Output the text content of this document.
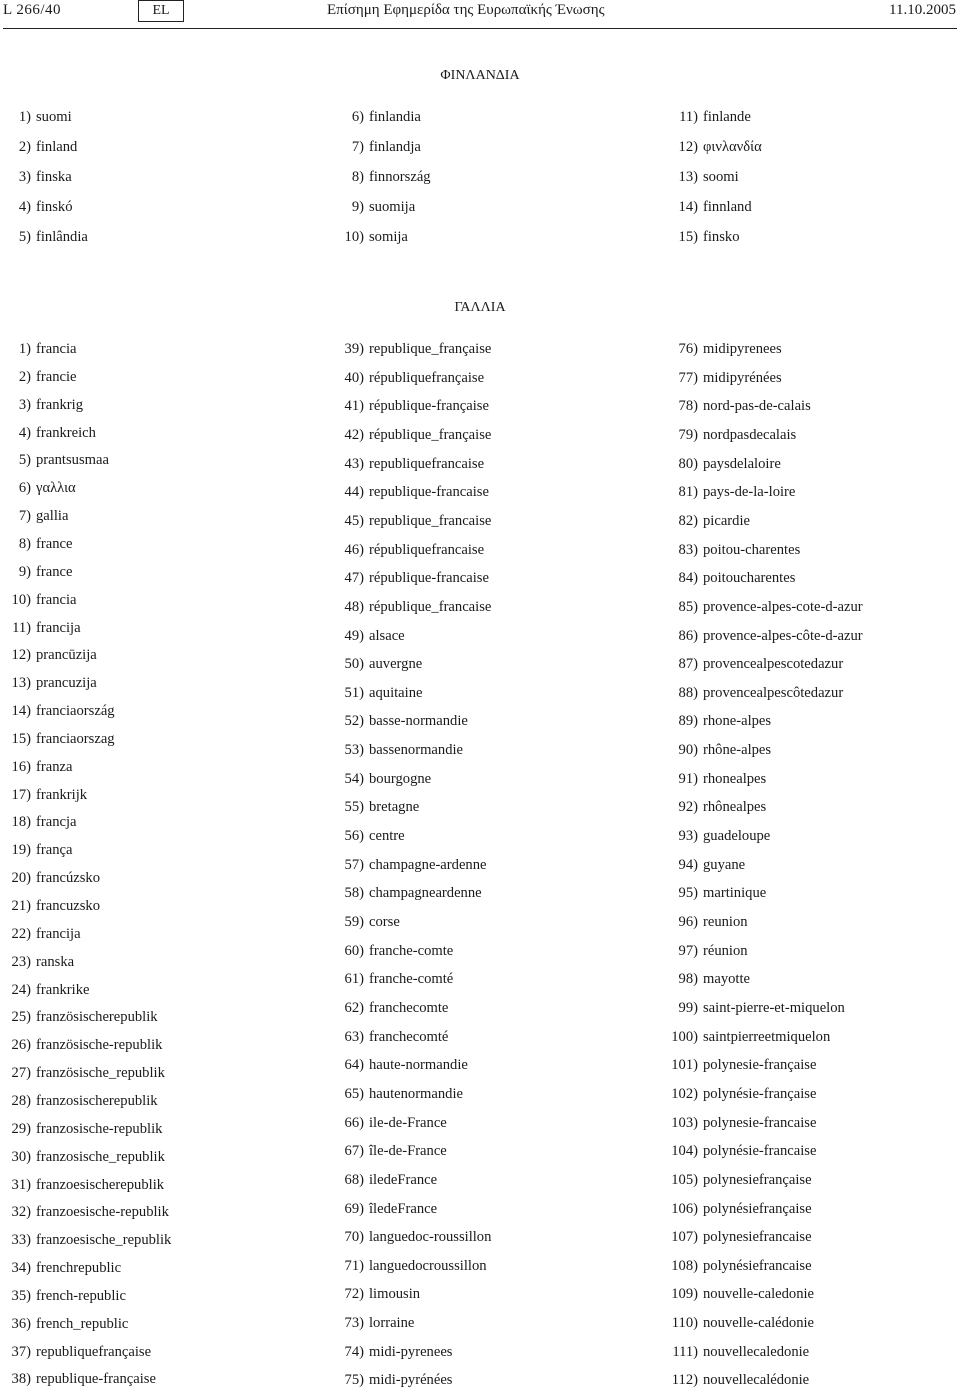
L 266/40	EL	Επίσημη Εφημερίδα της Ευρωπαϊκής Ένωσης	11.10.2005
ΦΙΝΛΑΝΔΙΑ
ΓΑΛΛΙΑ
1) suomi
2) finland
3) finska
4) finskó
5) finlândia
6) finlandia
7) finlandja
8) finnország
9) suomija
10) somija
11) finlande
12) φινλανδία
13) soomi
14) finnland
15) finsko
1) francia
2) francie
3) frankrig
4) frankreich
5) prantsusmaa
6) γαλλια
7) gallia
8) france
9) france
10) francia
11) francija
12) prancūzija
13) prancuzija
14) franciaország
15) franciaorszag
16) franza
17) frankrijk
18) francja
19) frança
20) francúzsko
21) francuzsko
22) francija
23) ranska
24) frankrike
25) französischerepublik
26) französische-republik
27) französische_republik
28) franzosischerepublik
29) franzosische-republik
30) franzosische_republik
31) franzoesischerepublik
32) franzoesische-republik
33) franzoesische_republik
34) frenchrepublic
35) french-republic
36) french_republic
37) republiquefrançaise
38) republique-française
39) republique_française
40) républiquefrançaise
41) république-française
42) république_française
43) republiquefrancaise
44) republique-francaise
45) republique_francaise
46) républiquefrancaise
47) république-francaise
48) république_francaise
49) alsace
50) auvergne
51) aquitaine
52) basse-normandie
53) bassenormandie
54) bourgogne
55) bretagne
56) centre
57) champagne-ardenne
58) champagneardenne
59) corse
60) franche-comte
61) franche-comté
62) franchecomte
63) franchecomté
64) haute-normandie
65) hautenormandie
66) ile-de-France
67) île-de-France
68) iledeFrance
69) îledeFrance
70) languedoc-roussillon
71) languedocroussillon
72) limousin
73) lorraine
74) midi-pyrenees
75) midi-pyrénées
76) midipyrenees
77) midipyrénées
78) nord-pas-de-calais
79) nordpasdecalais
80) paysdelaloire
81) pays-de-la-loire
82) picardie
83) poitou-charentes
84) poitoucharentes
85) provence-alpes-cote-d-azur
86) provence-alpes-côte-d-azur
87) provencealpescotedazur
88) provencealpescôtedazur
89) rhone-alpes
90) rhône-alpes
91) rhonealpes
92) rhônealpes
93) guadeloupe
94) guyane
95) martinique
96) reunion
97) réunion
98) mayotte
99) saint-pierre-et-miquelon
100) saintpierreetmiquelon
101) polynesie-française
102) polynésie-française
103) polynesie-francaise
104) polynésie-francaise
105) polynesiefrançaise
106) polynésiefrançaise
107) polynesiefrancaise
108) polynésiefrancaise
109) nouvelle-caledonie
110) nouvelle-calédonie
111) nouvellecaledonie
112) nouvellecalédonie
